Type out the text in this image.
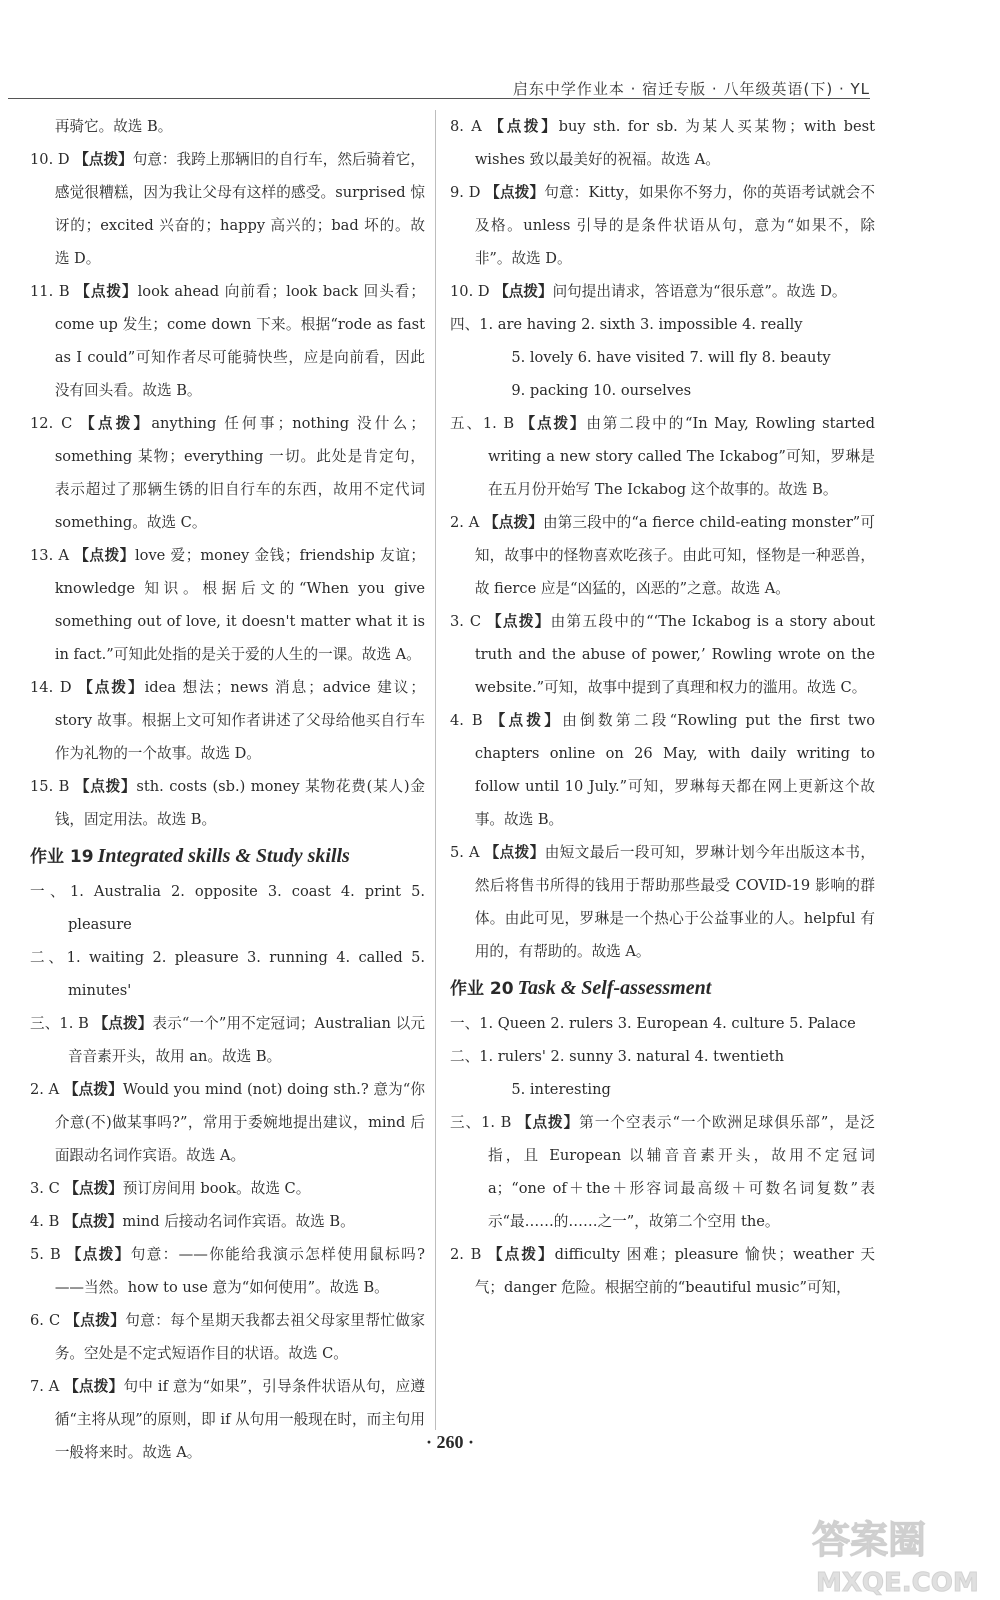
启东中学作业本 · 宿迁专版 · 八年级英语(下) · YL

再骑它。故选 B。

10. D 【点拨】句意：我跨上那辆旧的自行车，然后骑着它，感觉很糟糕，因为我让父母有这样的感受。surprised 惊讶的；excited 兴奋的；happy 高兴的；bad 坏的。故选 D。

11. B 【点拨】look ahead 向前看；look back 回头看；come up 发生；come down 下来。根据“rode as fast as I could”可知作者尽可能骑快些，应是向前看，因此没有回头看。故选 B。

12. C 【点拨】anything 任何事；nothing 没什么；something 某物；everything 一切。此处是肯定句，表示超过了那辆生锈的旧自行车的东西，故用不定代词 something。故选 C。

13. A 【点拨】love 爱；money 金钱；friendship 友谊；knowledge 知识。根据后文的“When you give something out of love, it doesn't matter what it is in fact.”可知此处指的是关于爱的人生的一课。故选 A。

14. D 【点拨】idea 想法；news 消息；advice 建议；story 故事。根据上文可知作者讲述了父母给他买自行车作为礼物的一个故事。故选 D。

15. B 【点拨】sth. costs (sb.) money 某物花费(某人)金钱，固定用法。故选 B。

作业 19 Integrated skills & Study skills

一、1. Australia 2. opposite 3. coast 4. print 5. pleasure

二、1. waiting 2. pleasure 3. running 4. called 5. minutes'

三、1. B 【点拨】表示“一个”用不定冠词；Australian 以元音音素开头，故用 an。故选 B。

2. A 【点拨】Would you mind (not) doing sth.? 意为“你介意(不)做某事吗?”，常用于委婉地提出建议，mind 后面跟动名词作宾语。故选 A。

3. C 【点拨】预订房间用 book。故选 C。

4. B 【点拨】mind 后接动名词作宾语。故选 B。

5. B 【点拨】句意：——你能给我演示怎样使用鼠标吗? ——当然。how to use 意为“如何使用”。故选 B。

6. C 【点拨】句意：每个星期天我都去祖父母家里帮忙做家务。空处是不定式短语作目的状语。故选 C。

7. A 【点拨】句中 if 意为“如果”，引导条件状语从句，应遵循“主将从现”的原则，即 if 从句用一般现在时，而主句用一般将来时。故选 A。

8. A 【点拨】buy sth. for sb. 为某人买某物；with best wishes 致以最美好的祝福。故选 A。

9. D 【点拨】句意：Kitty，如果你不努力，你的英语考试就会不及格。unless 引导的是条件状语从句，意为“如果不，除非”。故选 D。

10. D 【点拨】问句提出请求，答语意为“很乐意”。故选 D。

四、1. are having 2. sixth 3. impossible 4. really

5. lovely 6. have visited 7. will fly 8. beauty

9. packing 10. ourselves

五、1. B 【点拨】由第二段中的“In May, Rowling started writing a new story called The Ickabog”可知，罗琳是在五月份开始写 The Ickabog 这个故事的。故选 B。

2. A 【点拨】由第三段中的“a fierce child-eating monster”可知，故事中的怪物喜欢吃孩子。由此可知，怪物是一种恶兽，故 fierce 应是“凶猛的，凶恶的”之意。故选 A。

3. C 【点拨】由第五段中的“‘The Ickabog is a story about truth and the abuse of power,’ Rowling wrote on the website.”可知，故事中提到了真理和权力的滥用。故选 C。

4. B 【点拨】由倒数第二段“Rowling put the first two chapters online on 26 May, with daily writing to follow until 10 July.”可知，罗琳每天都在网上更新这个故事。故选 B。

5. A 【点拨】由短文最后一段可知，罗琳计划今年出版这本书，然后将售书所得的钱用于帮助那些最受 COVID-19 影响的群体。由此可见，罗琳是一个热心于公益事业的人。helpful 有用的，有帮助的。故选 A。

作业 20 Task & Self-assessment

一、1. Queen 2. rulers 3. European 4. culture 5. Palace

二、1. rulers' 2. sunny 3. natural 4. twentieth

5. interesting

三、1. B 【点拨】第一个空表示“一个欧洲足球俱乐部”，是泛指，且 European 以辅音音素开头，故用不定冠词 a；“one of＋the＋形容词最高级＋可数名词复数”表示“最……的……之一”，故第二个空用 the。

2. B 【点拨】difficulty 困难；pleasure 愉快；weather 天气；danger 危险。根据空前的“beautiful music”可知，

· 260 ·
答案圈
MXQE.COM
